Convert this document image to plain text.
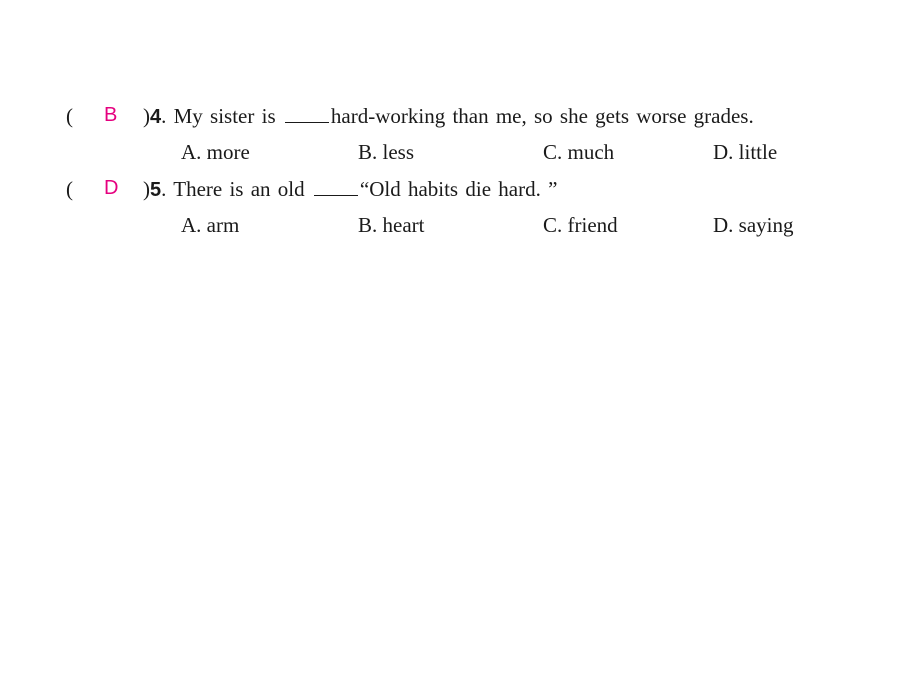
( B )4. My sister is	hard-working than me, so she gets worse grades.
A. more	B. less	C. much	D. little
( D )5. There is an old	“Old habits die hard. ”
A. arm	B. heart	C. friend	D. saying
